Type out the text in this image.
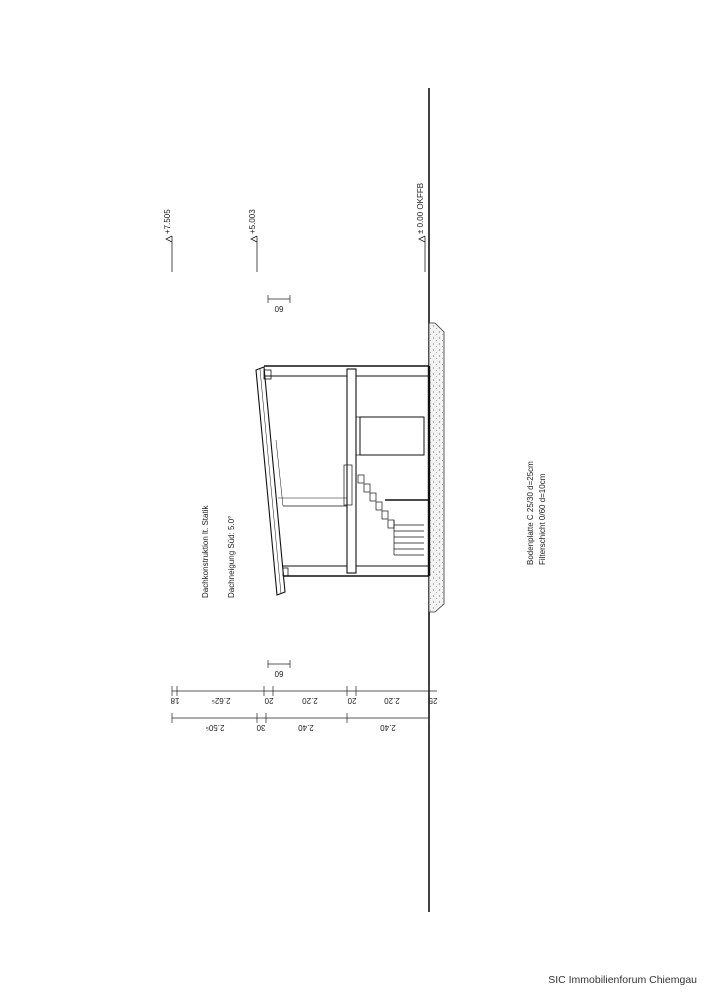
+7.505	+5.003	± 0.00 OKFFB
Dachkonstruktion lt. Statik Dachneigung Süd: 5.0°	Bodenplatte C 25/30 d=25cm Filterschicht 0/60 d=10cm
60
60
18	2.62⁵	20	2.20	20	2.20	25
2.50⁵	30	2.40	2.40
SIC Immobilienforum Chiemgau
